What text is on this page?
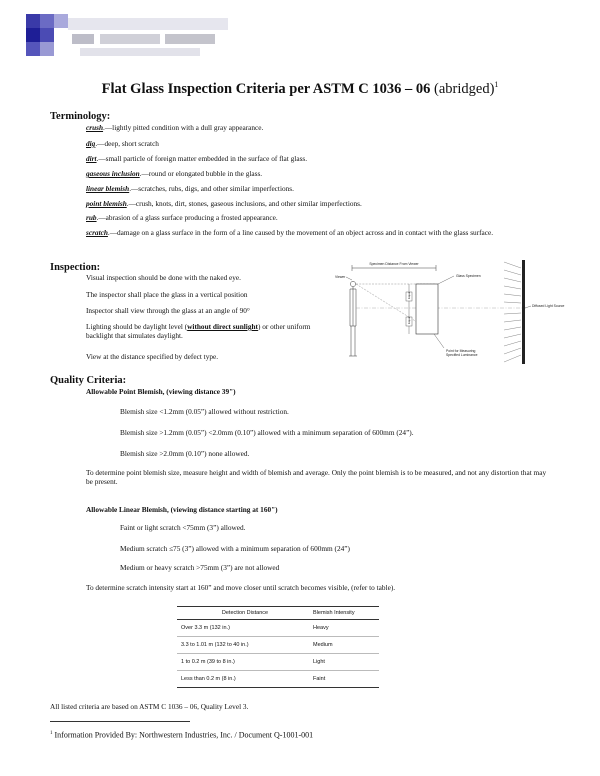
Flat Glass Inspection Criteria per ASTM C 1036 – 06 (abridged)$^1$
Terminology:
crush.—lightly pitted condition with a dull gray appearance.
dig.—deep, short scratch
dirt.—small particle of foreign matter embedded in the surface of flat glass.
gaseous inclusion.—round or elongated bubble in the glass.
linear blemish.—scratches, rubs, digs, and other similar imperfections.
point blemish.—crush, knots, dirt, stones, gaseous inclusions, and other similar imperfections.
rub.—abrasion of a glass surface producing a frosted appearance.
scratch.—damage on a glass surface in the form of a line caused by the movement of an object across and in contact with the glass surface.
Inspection:
Visual inspection should be done with the naked eye.
The inspector shall place the glass in a vertical position
Inspector shall view through the glass at an angle of 90°
Lighting should be daylight level (without direct sunlight) or other uniform backlight that simulates daylight.
View at the distance specified by defect type.
Specimen Distance From Viewer
Viewer
Equal
Equal
Glass Specimen
Point for Measuring
Specified Luminance
Diffused Light Source
Quality Criteria:
Allowable Point Blemish, (viewing distance 39")
Blemish size <1.2mm (0.05”) allowed without restriction.
Blemish size >1.2mm (0.05”) <2.0mm (0.10”) allowed with a minimum separation of 600mm (24”).
Blemish size >2.0mm (0.10”) none allowed.
To determine point blemish size, measure height and width of blemish and average. Only the point blemish is to be measured, and not any distortion that may be present.
Allowable Linear Blemish, (viewing distance starting at 160")
Faint or light scratch <75mm (3”) allowed.
Medium scratch ≤75 (3”) allowed with a minimum separation of 600mm (24”)
Medium or heavy scratch >75mm (3”) are not allowed
To determine scratch intensity start at 160” and move closer until scratch becomes visible, (refer to table).
Detection Distance	Blemish Intensity
Over 3.3 m (132 in.)	Heavy
3.3 to 1.01 m (132 to 40 in.)	Medium
1 to 0.2 m (39 to 8 in.)	Light
Less than 0.2 m (8 in.)	Faint
All listed criteria are based on ASTM C 1036 – 06, Quality Level 3.
$^1$ Information Provided By: Northwestern Industries, Inc. / Document Q-1001-001
